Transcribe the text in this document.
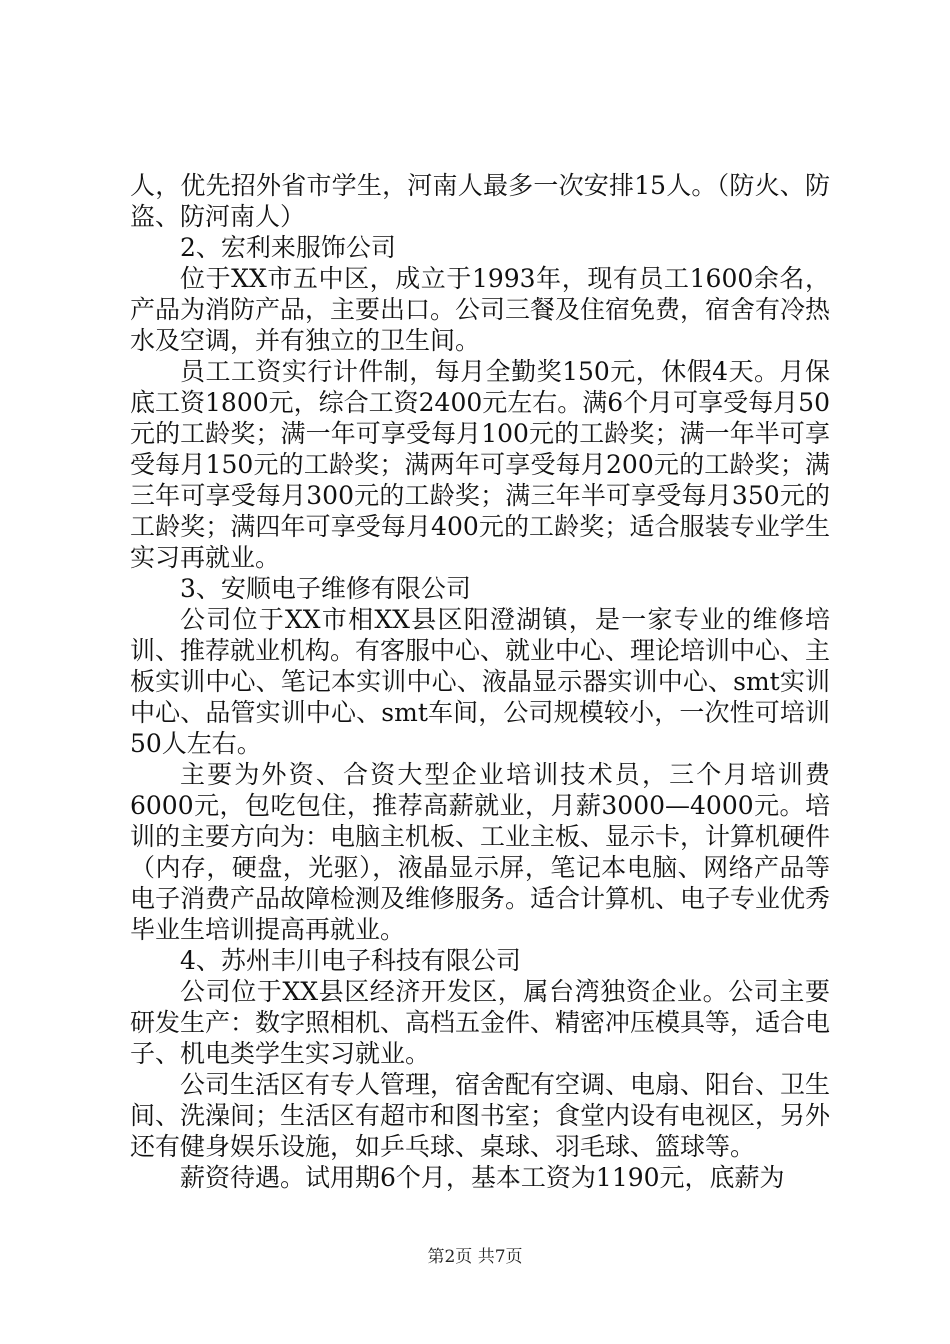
人，优先招外省市学生，河南人最多一次安排15人。（防火、防盗、防河南人）

2、宏利来服饰公司

位于XX市五中区，成立于1993年，现有员工1600余名，产品为消防产品，主要出口。公司三餐及住宿免费，宿舍有冷热水及空调，并有独立的卫生间。

员工工资实行计件制，每月全勤奖150元，休假4天。月保底工资1800元，综合工资2400元左右。满6个月可享受每月50元的工龄奖；满一年可享受每月100元的工龄奖；满一年半可享受每月150元的工龄奖；满两年可享受每月200元的工龄奖；满三年可享受每月300元的工龄奖；满三年半可享受每月350元的工龄奖；满四年可享受每月400元的工龄奖；适合服装专业学生实习再就业。

3、安顺电子维修有限公司

公司位于XX市相XX县区阳澄湖镇，是一家专业的维修培训、推荐就业机构。有客服中心、就业中心、理论培训中心、主板实训中心、笔记本实训中心、液晶显示器实训中心、smt实训中心、品管实训中心、smt车间，公司规模较小，一次性可培训50人左右。

主要为外资、合资大型企业培训技术员，三个月培训费6000元，包吃包住，推荐高薪就业，月薪3000—4000元。培训的主要方向为：电脑主机板、工业主板、显示卡，计算机硬件（内存，硬盘，光驱），液晶显示屏，笔记本电脑、网络产品等电子消费产品故障检测及维修服务。适合计算机、电子专业优秀毕业生培训提高再就业。

4、苏州丰川电子科技有限公司

公司位于XX县区经济开发区，属台湾独资企业。公司主要研发生产：数字照相机、高档五金件、精密冲压模具等，适合电子、机电类学生实习就业。

公司生活区有专人管理，宿舍配有空调、电扇、阳台、卫生间、洗澡间；生活区有超市和图书室；食堂内设有电视区，另外还有健身娱乐设施，如乒乓球、桌球、羽毛球、篮球等。

薪资待遇。试用期6个月，基本工资为1190元，底薪为

第2页 共7页
